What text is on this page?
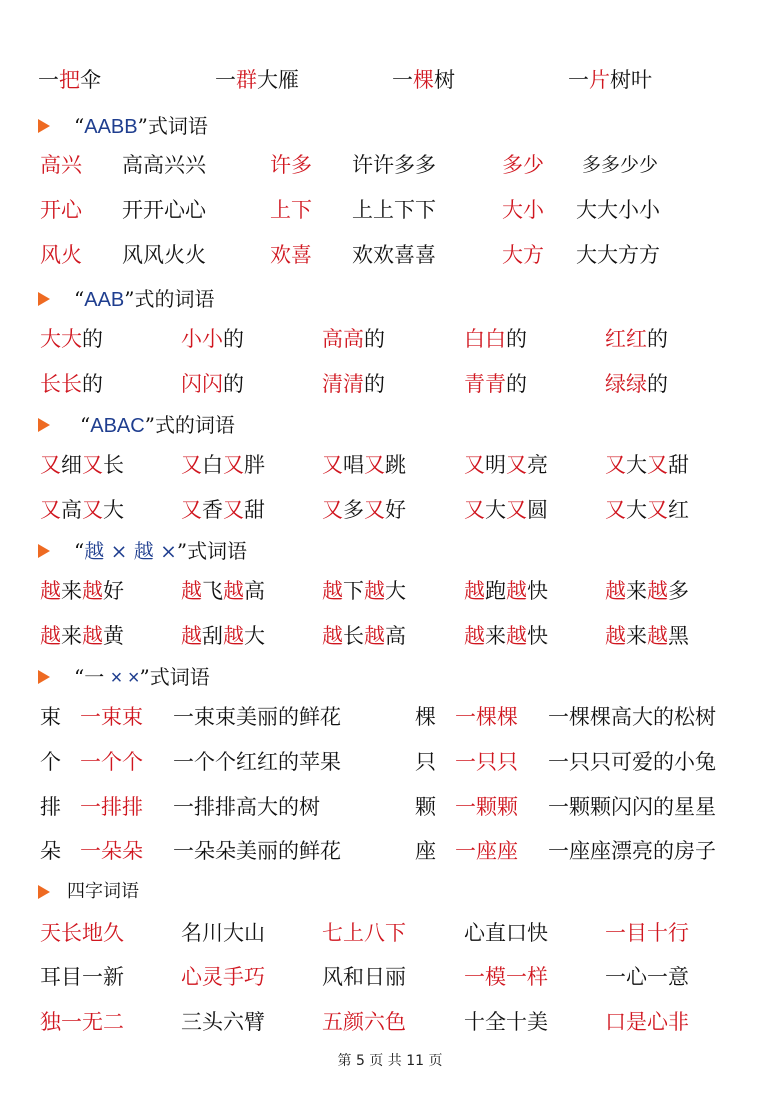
一把伞	一群大雁	一棵树	一片树叶
“AABB”式词语
高兴 高高兴兴	许多 许许多多	多少 多多少少
开心 开开心心	上下 上上下下	大小 大大小小
风火 风风火火	欢喜 欢欢喜喜	大方 大大方方
“AAB”式的词语
大大的	小小的	高高的	白白的	红红的
长长的	闪闪的	清清的	青青的	绿绿的
“ABAC”式的词语
又细又长	又白又胖	又唱又跳	又明又亮	又大又甜
又高又大	又香又甜	又多又好	又大又圆	又大又红
“越 × 越 ×”式词语
越来越好	越飞越高	越下越大	越跑越快	越来越多
越来越黄	越刮越大	越长越高	越来越快	越来越黑
“一 × ×”式词语
束 一束束 一束束美丽的鲜花	棵 一棵棵 一棵棵高大的松树
个 一个个 一个个红红的苹果	只 一只只 一只只可爱的小兔
排 一排排 一排排高大的树	颗 一颗颗 一颗颗闪闪的星星
朵 一朵朵 一朵朵美丽的鲜花	座 一座座 一座座漂亮的房子
四字词语
天长地久	名川大山	七上八下	心直口快	一目十行
耳目一新	心灵手巧	风和日丽	一模一样	一心一意
独一无二	三头六臂	五颜六色	十全十美	口是心非
第 5 页 共 11 页
